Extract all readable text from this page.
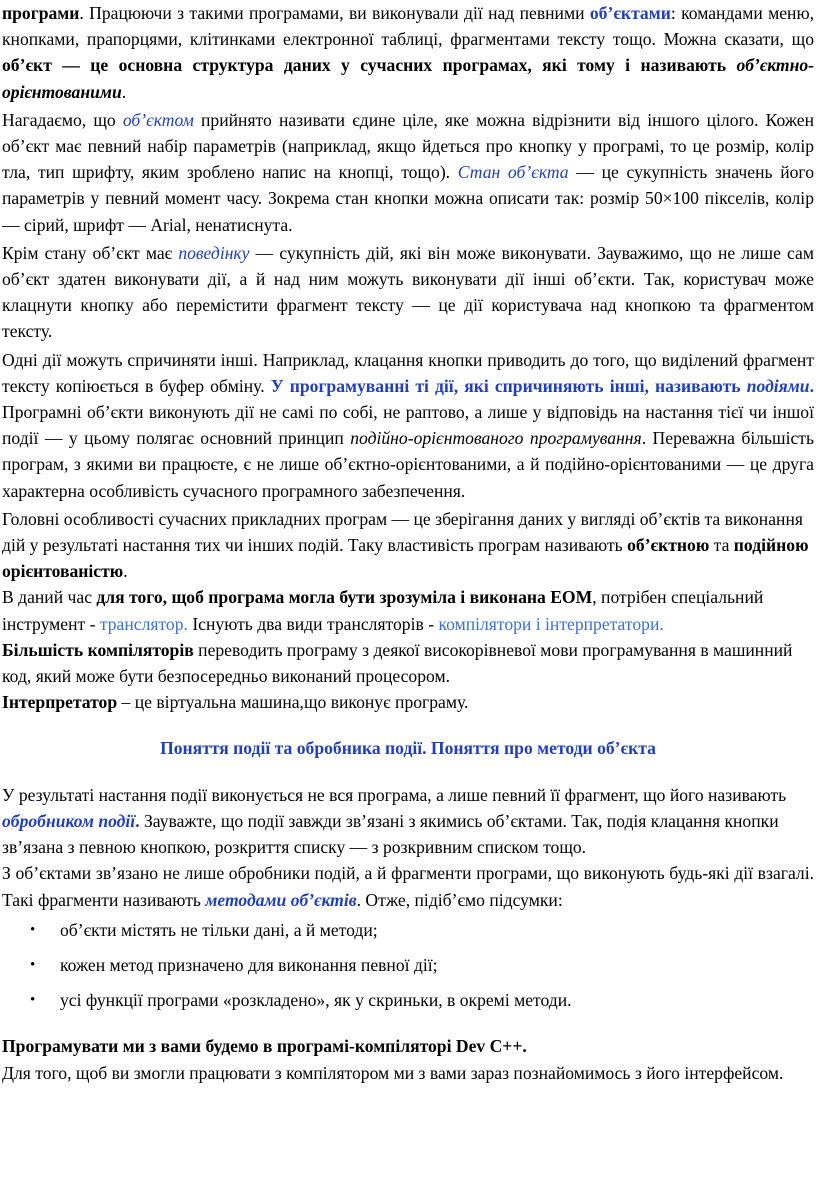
програми. Працюючи з такими програмами, ви виконували дії над певними об’єктами: командами меню, кнопками, прапорцями, клітинками електронної таблиці, фрагментами тексту тощо. Можна сказати, що об’єкт — це основна структура даних у сучасних програмах, які тому і називають об’єктно-орієнтованими.

Нагадаємо, що об’єктом прийнято називати єдине ціле, яке можна відрізнити від іншого цілого. Кожен об’єкт має певний набір параметрів (наприклад, якщо йдеться про кнопку у програмі, то це розмір, колір тла, тип шрифту, яким зроблено напис на кнопці, тощо). Стан об’єкта — це сукупність значень його параметрів у певний момент часу. Зокрема стан кнопки можна описати так: розмір 50×100 пікселів, колір — сірий, шрифт — Arial, ненатиснута.

Крім стану об’єкт має поведінку — сукупність дій, які він може виконувати. Зауважимо, що не лише сам об’єкт здатен виконувати дії, а й над ним можуть виконувати дії інші об’єкти. Так, користувач може клацнути кнопку або перемістити фрагмент тексту — це дії користувача над кнопкою та фрагментом тексту.

Одні дії можуть спричиняти інші. Наприклад, клацання кнопки приводить до того, що виділений фрагмент тексту копіюється в буфер обміну. У програмуванні ті дії, які спричиняють інші, називають подіями. Програмні об’єкти виконують дії не самі по собі, не раптово, а лише у відповідь на настання тієї чи іншої події — у цьому полягає основний принцип подійно-орієнтованого програмування. Переважна більшість програм, з якими ви працюєте, є не лише об’єктно-орієнтованими, а й подійно-орієнтованими — це друга характерна особливість сучасного програмного забезпечення.

Головні особливості сучасних прикладних програм — це зберігання даних у вигляді об’єктів та виконання дій у результаті настання тих чи інших подій. Таку властивість програм називають об’єктною та подійною орієнтованістю.

В даний час для того, щоб програма могла бути зрозуміла і виконана ЕОМ, потрібен спеціальний інструмент - транслятор. Існують два види трансляторів - компілятори і інтерпретатори.

Більшість компіляторів переводить програму з деякої високорівневої мови програмування в машинний код, який може бути безпосередньо виконаний процесором.

Інтерпретатор – це віртуальна машина,що виконує програму.

Поняття події та обробника події. Поняття про методи об’єкта

У результаті настання події виконується не вся програма, а лише певний її фрагмент, що його називають обробником події. Зауважте, що події завжди зв’язані з якимись об’єктами. Так, подія клацання кнопки зв’язана з певною кнопкою, розкриття списку — з розкривним списком тощо.

З об’єктами зв’язано не лише обробники подій, а й фрагменти програми, що виконують будь-які дії взагалі. Такі фрагменти називають методами об’єктів. Отже, підіб’ємо підсумки:

• об’єкти містять не тільки дані, а й методи;
• кожен метод призначено для виконання певної дії;
• усі функції програми «розкладено», як у скриньки, в окремі методи.

Програмувати ми з вами будемо в програмі-компіляторі Dev C++.

Для того, щоб ви змогли працювати з компілятором ми з вами зараз познайомимось з його інтерфейсом.
